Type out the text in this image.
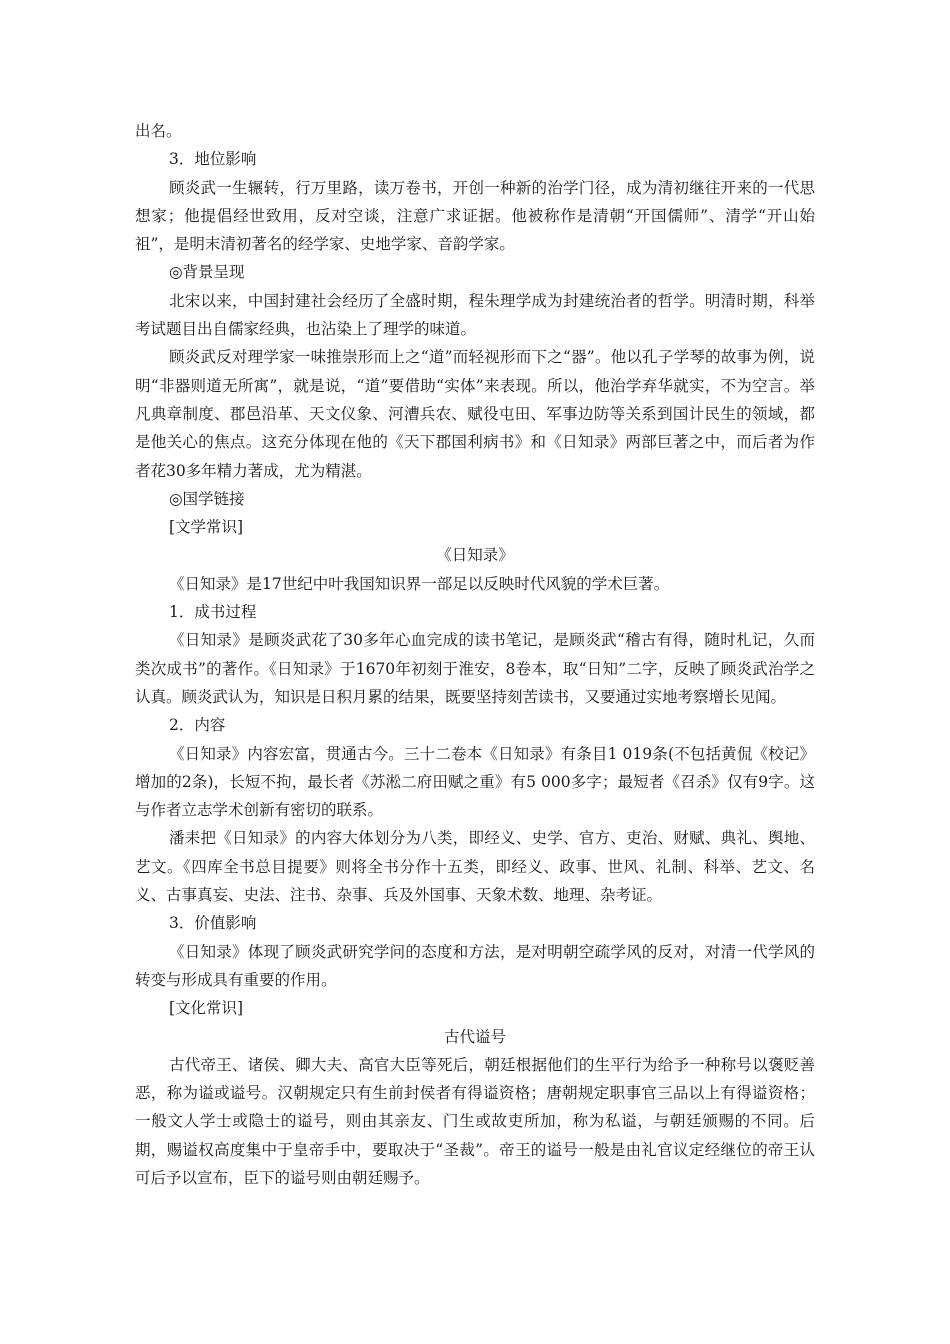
出名。

3．地位影响

顾炎武一生辗转，行万里路，读万卷书，开创一种新的治学门径，成为清初继往开来的一代思想家；他提倡经世致用，反对空谈，注意广求证据。他被称作是清朝“开国儒师”、清学“开山始祖”，是明末清初著名的经学家、史地学家、音韵学家。

◎背景呈现

北宋以来，中国封建社会经历了全盛时期，程朱理学成为封建统治者的哲学。明清时期，科举考试题目出自儒家经典，也沾染上了理学的味道。

顾炎武反对理学家一味推崇形而上之“道”而轻视形而下之“器”。他以孔子学琴的故事为例，说明“非器则道无所寓”，就是说，“道”要借助“实体”来表现。所以，他治学弃华就实，不为空言。举凡典章制度、郡邑沿革、天文仪象、河漕兵农、赋役屯田、军事边防等关系到国计民生的领域，都是他关心的焦点。这充分体现在他的《天下郡国利病书》和《日知录》两部巨著之中，而后者为作者花30多年精力著成，尤为精湛。

◎国学链接

[文学常识]

《日知录》

《日知录》是17世纪中叶我国知识界一部足以反映时代风貌的学术巨著。

1．成书过程

《日知录》是顾炎武花了30多年心血完成的读书笔记，是顾炎武“稽古有得，随时札记，久而类次成书”的著作。《日知录》于1670年初刻于淮安，8卷本，取“日知”二字，反映了顾炎武治学之认真。顾炎武认为，知识是日积月累的结果，既要坚持刻苦读书，又要通过实地考察增长见闻。

2．内容

《日知录》内容宏富，贯通古今。三十二卷本《日知录》有条目1 019条(不包括黄侃《校记》增加的2条)，长短不拘，最长者《苏淞二府田赋之重》有5 000多字；最短者《召杀》仅有9字。这与作者立志学术创新有密切的联系。

潘耒把《日知录》的内容大体划分为八类，即经义、史学、官方、吏治、财赋、典礼、舆地、艺文。《四库全书总目提要》则将全书分作十五类，即经义、政事、世风、礼制、科举、艺文、名义、古事真妄、史法、注书、杂事、兵及外国事、天象术数、地理、杂考证。

3．价值影响

《日知录》体现了顾炎武研究学问的态度和方法，是对明朝空疏学风的反对，对清一代学风的转变与形成具有重要的作用。

[文化常识]

古代谥号

古代帝王、诸侯、卿大夫、高官大臣等死后，朝廷根据他们的生平行为给予一种称号以褒贬善恶，称为谥或谥号。汉朝规定只有生前封侯者有得谥资格；唐朝规定职事官三品以上有得谥资格；一般文人学士或隐士的谥号，则由其亲友、门生或故吏所加，称为私谥，与朝廷颁赐的不同。后期，赐谥权高度集中于皇帝手中，要取决于“圣裁”。帝王的谥号一般是由礼官议定经继位的帝王认可后予以宣布，臣下的谥号则由朝廷赐予。
